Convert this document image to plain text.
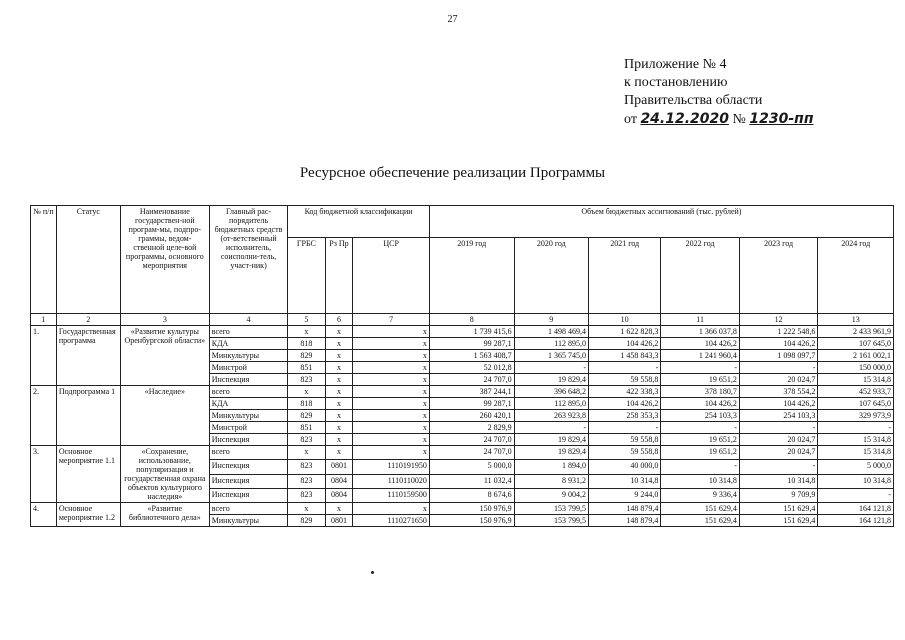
27
Приложение № 4
к постановлению
Правительства области
от 24.12.2020 № 1230-пп
Ресурсное обеспечение реализации Программы
№ п/п	Статус	Наименование государствен-ной програм-мы, подпро-граммы, ведом-ственной целе-вой программы, основного мероприятия	Главный рас-порядитель бюджетных средств (от-ветственный исполнитель, соисполни-тель, участ-ник)	Код бюджетной классификации			Объем бюджетных ассигнований (тыс. рублей)					
				ГРБС	Рз Пр	ЦСР	2019 год	2020 год	2021 год	2022 год	2023 год	2024 год
1	2	3	4	5	6	7	8	9	10	11	12	13
1.	Государственная программа	«Развитие культуры Оренбургской области»	всего	х	х	х	1 739 415,6	1 498 469,4	1 622 828,3	1 366 037,8	1 222 548,6	2 433 961,9
			КДА	818	х	х	99 287,1	112 895,0	104 426,2	104 426,2	104 426,2	107 645,0
			Минкультуры	829	х	х	1 563 408,7	1 365 745,0	1 458 843,3	1 241 960,4	1 098 097,7	2 161 002,1
			Минстрой	851	х	х	52 012,8	-	-	-	-	150 000,0
			Инспекция	823	х	х	24 707,0	19 829,4	59 558,8	19 651,2	20 024,7	15 314,8
2.	Подпрограмма 1	«Наследие»	всего	х	х	х	387 244,1	396 648,2	422 338,3	378 180,7	378 554,2	452 933,7
			КДА	818	х	х	99 287,1	112 895,0	104 426,2	104 426,2	104 426,2	107 645,0
			Минкультуры	829	х	х	260 420,1	263 923,8	258 353,3	254 103,3	254 103,3	329 973,9
			Минстрой	851	х	х	2 829,9	-	-	-	-	-
			Инспекция	823	х	х	24 707,0	19 829,4	59 558,8	19 651,2	20 024,7	15 314,8
3.	Основное мероприятие 1.1	«Сохранение, использование, популяризация и государственная охрана объектов культурного наследия»	всего	х	х	х	24 707,0	19 829,4	59 558,8	19 651,2	20 024,7	15 314,8
			Инспекция	823	0801	1110191950	5 000,0	1 894,0	40 000,0	-	-	5 000,0
			Инспекция	823	0804	1110110020	11 032,4	8 931,2	10 314,8	10 314,8	10 314,8	10 314,8
			Инспекция	823	0804	1110159500	8 674,6	9 004,2	9 244,0	9 336,4	9 709,9	-
4.	Основное мероприятие 1.2	«Развитие библиотечного дела»	всего	х	х	х	150 976,9	153 799,5	148 879,4	151 629,4	151 629,4	164 121,8
			Минкультуры	829	0801	1110271650	150 976,9	153 799,5	148 879,4	151 629,4	151 629,4	164 121,8
